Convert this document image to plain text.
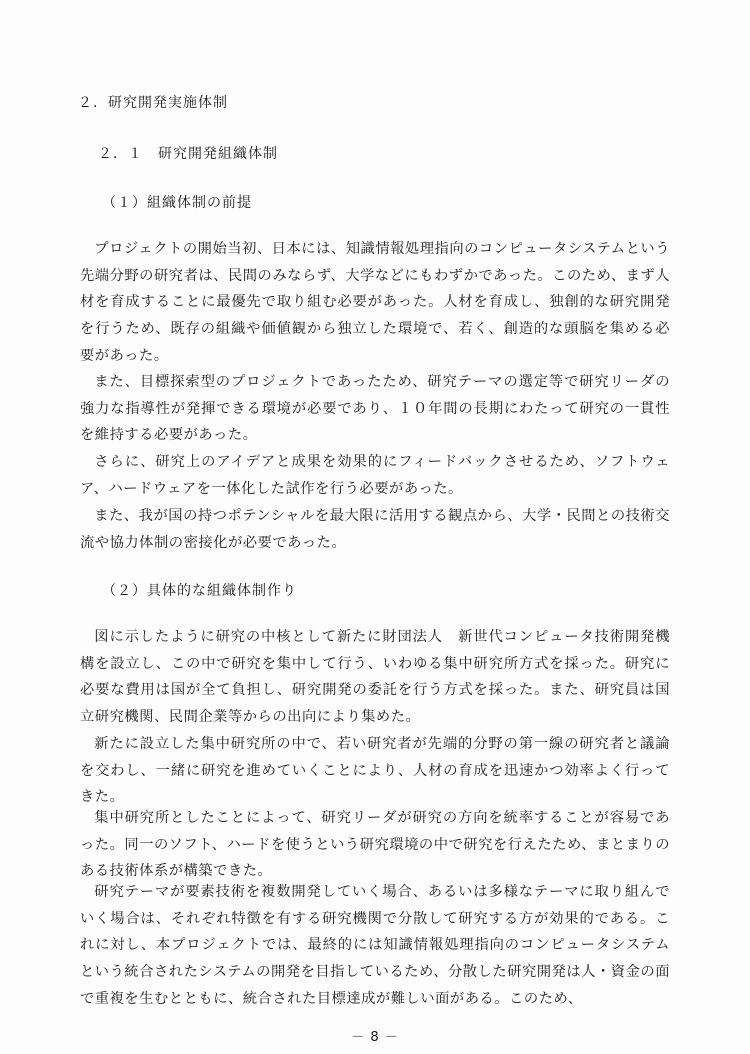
２．研究開発実施体制
２．１　研究開発組織体制
（１）組織体制の前提
プロジェクトの開始当初、日本には、知識情報処理指向のコンピュータシステムという先端分野の研究者は、民間のみならず、大学などにもわずかであった。このため、まず人材を育成することに最優先で取り組む必要があった。人材を育成し、独創的な研究開発を行うため、既存の組織や価値観から独立した環境で、若く、創造的な頭脳を集める必要があった。
また、目標探索型のプロジェクトであったため、研究テーマの選定等で研究リーダの強力な指導性が発揮できる環境が必要であり、１０年間の長期にわたって研究の一貫性を維持する必要があった。
さらに、研究上のアイデアと成果を効果的にフィードバックさせるため、ソフトウェア、ハードウェアを一体化した試作を行う必要があった。
また、我が国の持つポテンシャルを最大限に活用する観点から、大学・民間との技術交流や協力体制の密接化が必要であった。
（２）具体的な組織体制作り
図に示したように研究の中核として新たに財団法人　新世代コンピュータ技術開発機構を設立し、この中で研究を集中して行う、いわゆる集中研究所方式を採った。研究に必要な費用は国が全て負担し、研究開発の委託を行う方式を採った。また、研究員は国立研究機関、民間企業等からの出向により集めた。
新たに設立した集中研究所の中で、若い研究者が先端的分野の第一線の研究者と議論を交わし、一緒に研究を進めていくことにより、人材の育成を迅速かつ効率よく行ってきた。
集中研究所としたことによって、研究リーダが研究の方向を統率することが容易であった。同一のソフト、ハードを使うという研究環境の中で研究を行えたため、まとまりのある技術体系が構築できた。
研究テーマが要素技術を複数開発していく場合、あるいは多様なテーマに取り組んでいく場合は、それぞれ特徴を有する研究機関で分散して研究する方が効果的である。これに対し、本プロジェクトでは、最終的には知識情報処理指向のコンピュータシステムという統合されたシステムの開発を目指しているため、分散した研究開発は人・資金の面で重複を生むとともに、統合された目標達成が難しい面がある。このため、
－ 8 －
